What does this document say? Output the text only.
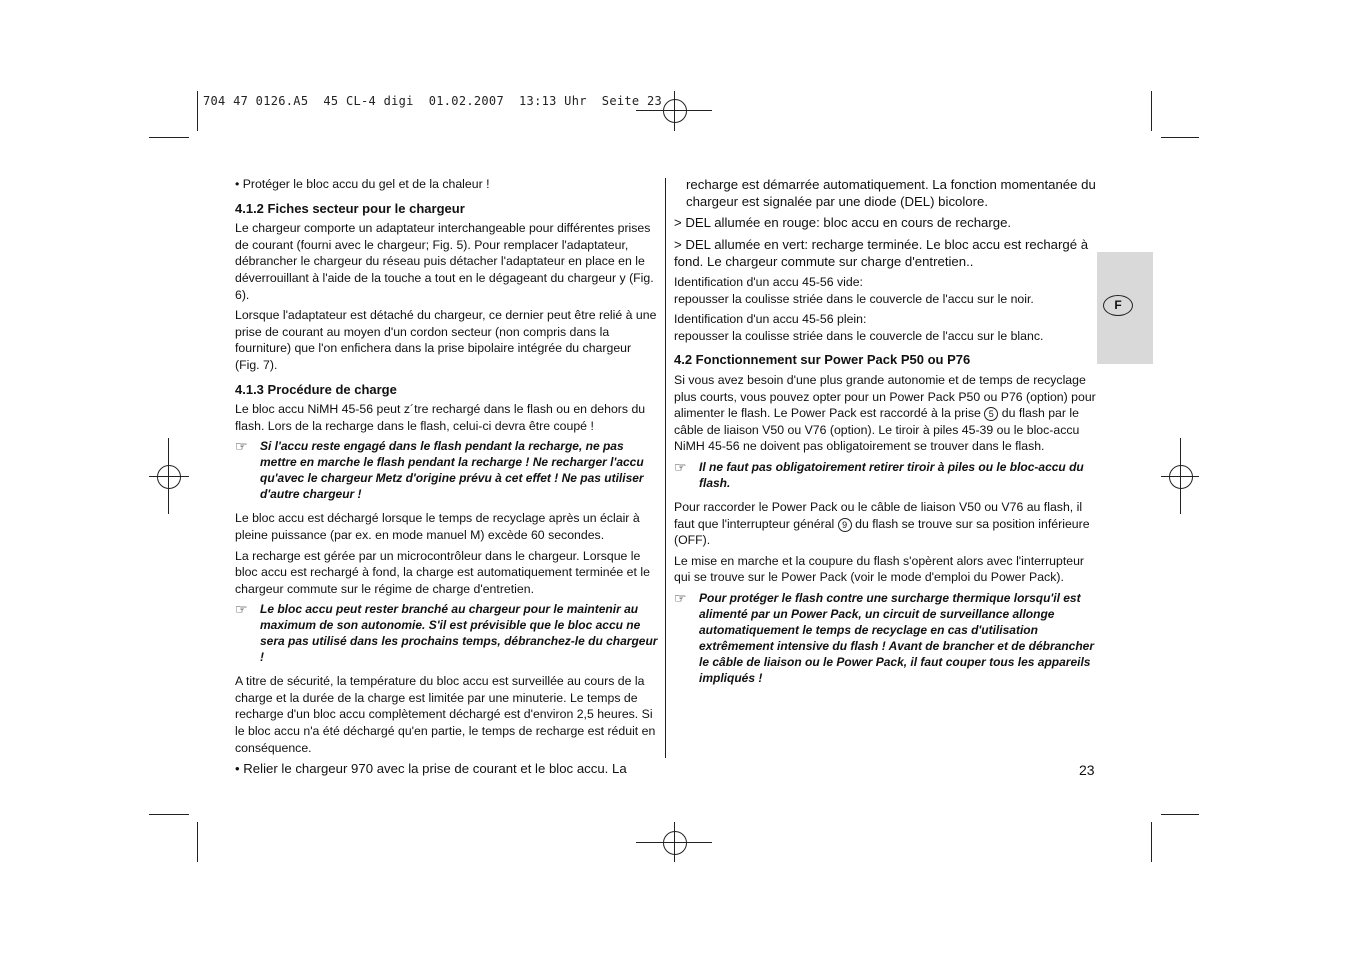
704 47 0126.A5  45 CL-4 digi  01.02.2007  13:13 Uhr  Seite 23
F

• Protéger le bloc accu du gel et de la chaleur !

4.1.2 Fiches secteur pour le chargeur

Le chargeur comporte un adaptateur interchangeable pour différentes prises de courant (fourni avec le chargeur; Fig. 5). Pour remplacer l'adaptateur, débrancher le chargeur du réseau puis détacher l'adaptateur en place en le déverrouillant à l'aide de la touche a tout en le dégageant du chargeur y (Fig. 6).

Lorsque l'adaptateur est détaché du chargeur, ce dernier peut être relié à une prise de courant au moyen d'un cordon secteur (non compris dans la fourniture) que l'on enfichera dans la prise bipolaire intégrée du chargeur (Fig. 7).

4.1.3 Procédure de charge

Le bloc accu NiMH 45-56 peut z´tre rechargé dans le flash ou en dehors du flash. Lors de la recharge dans le flash, celui-ci devra être coupé !

☞ Si l'accu reste engagé dans le flash pendant la recharge, ne pas mettre en marche le flash pendant la recharge ! Ne recharger l'accu qu'avec le chargeur Metz d'origine prévu à cet effet ! Ne pas utiliser d'autre chargeur !

Le bloc accu est déchargé lorsque le temps de recyclage après un éclair à pleine puissance (par ex. en mode manuel M) excède 60 secondes.

La recharge est gérée par un microcontrôleur dans le chargeur. Lorsque le bloc accu est rechargé à fond, la charge est automatiquement terminée et le chargeur commute sur le régime de charge d'entretien.

☞ Le bloc accu peut rester branché au chargeur pour le maintenir au maximum de son autonomie. S'il est prévisible que le bloc accu ne sera pas utilisé dans les prochains temps, débranchez-le du chargeur !

A titre de sécurité, la température du bloc accu est surveillée au cours de la charge et la durée de la charge est limitée par une minuterie. Le temps de recharge d'un bloc accu complètement déchargé est d'environ 2,5 heures. Si le bloc accu n'a été déchargé qu'en partie, le temps de recharge est réduit en conséquence.

• Relier le chargeur 970 avec la prise de courant et le bloc accu. La

recharge est démarrée automatiquement. La fonction momentanée du chargeur est signalée par une diode (DEL) bicolore.

> DEL allumée en rouge: bloc accu en cours de recharge.

> DEL allumée en vert: recharge terminée. Le bloc accu est rechargé à fond. Le chargeur commute sur charge d'entretien..

Identification d'un accu 45-56 vide:
repousser la coulisse striée dans le couvercle de l'accu sur le noir.

Identification d'un accu 45-56 plein:
repousser la coulisse striée dans le couvercle de l'accu sur le blanc.

4.2 Fonctionnement sur Power Pack P50 ou P76

Si vous avez besoin d'une plus grande autonomie et de temps de recyclage plus courts, vous pouvez opter pour un Power Pack P50 ou P76 (option) pour alimenter le flash. Le Power Pack est raccordé à la prise 5 du flash par le câble de liaison V50 ou V76 (option). Le tiroir à piles 45-39 ou le bloc-accu NiMH 45-56 ne doivent pas obligatoirement se trouver dans le flash.

☞ Il ne faut pas obligatoirement retirer tiroir à piles ou le bloc-accu du flash.

Pour raccorder le Power Pack ou le câble de liaison V50 ou V76 au flash, il faut que l'interrupteur général 9 du flash se trouve sur sa position inférieure (OFF).

Le mise en marche et la coupure du flash s'opèrent alors avec l'interrupteur qui se trouve sur le Power Pack (voir le mode d'emploi du Power Pack).

☞ Pour protéger le flash contre une surcharge thermique lorsqu'il est alimenté par un Power Pack, un circuit de surveillance allonge automatiquement le temps de recyclage en cas d'utilisation extrêmement intensive du flash ! Avant de brancher et de débrancher le câble de liaison ou le Power Pack, il faut couper tous les appareils impliqués !
23
